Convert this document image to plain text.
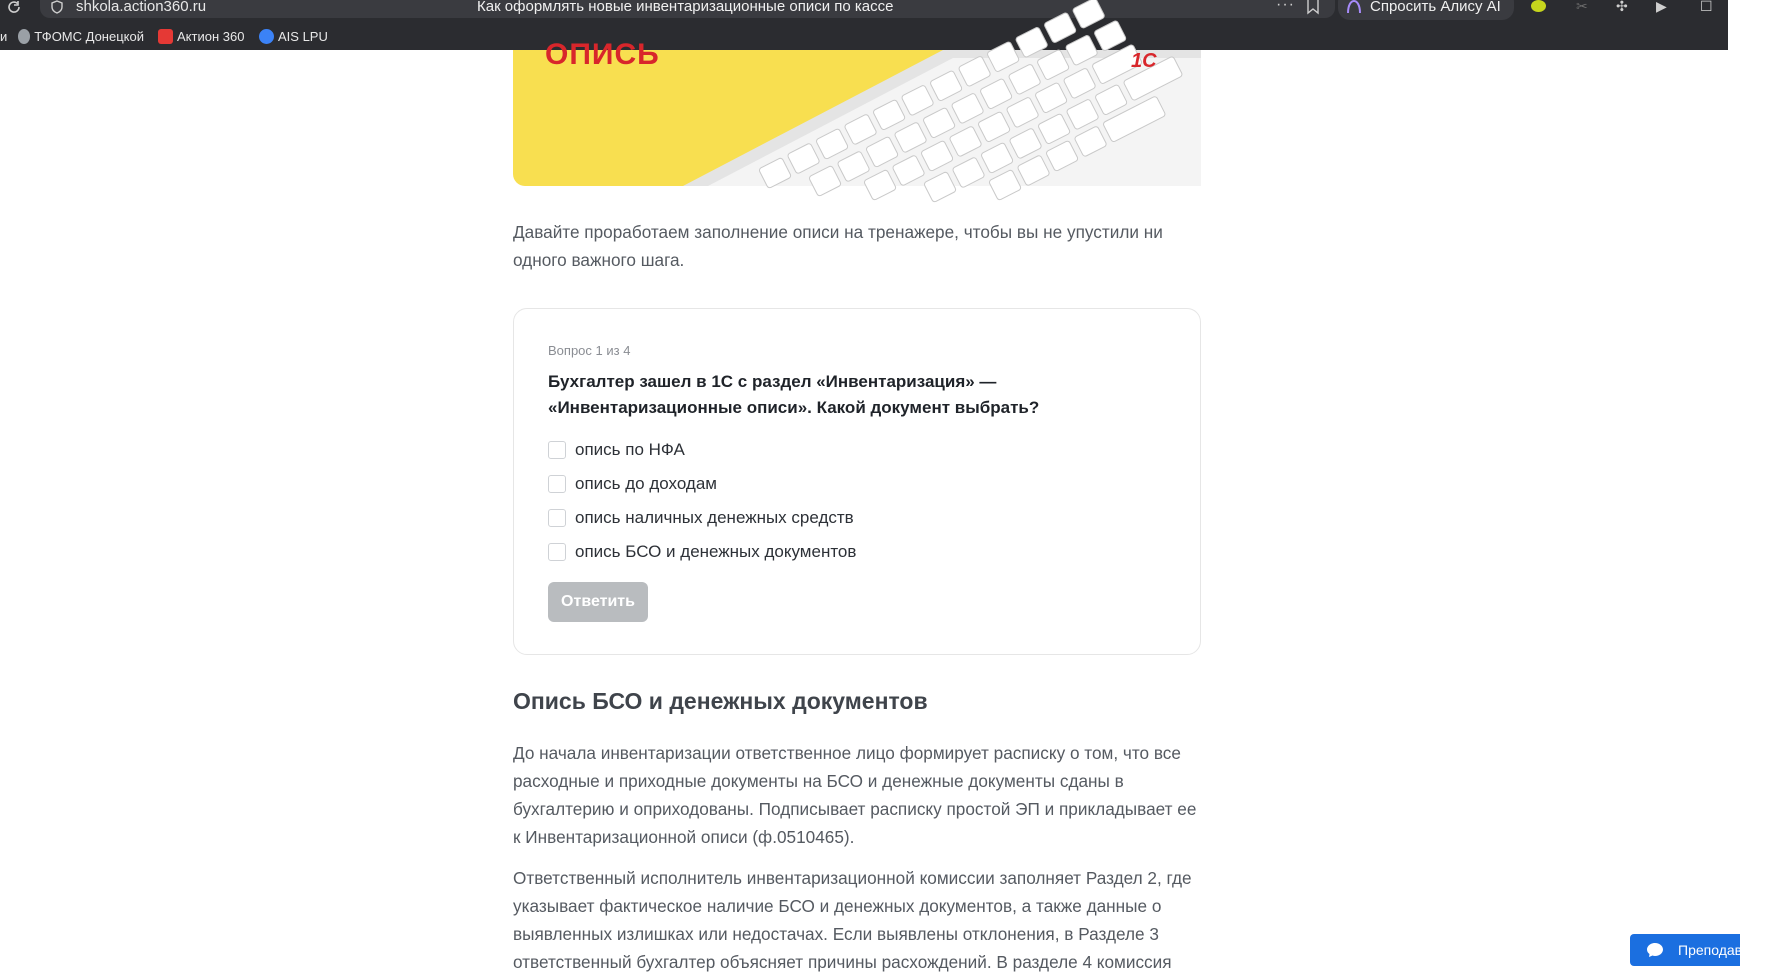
shkola.action360.ru	Как оформлять новые инвентаризационные описи по кассе	···	Спросить Алису AI	✂ ✣ ▶ ☐
и ТФОМС Донецкой	Актион 360	AIS LPU
ОПИСЬ	1С

Давайте проработаем заполнение описи на тренажере, чтобы вы не упустили ни одного важного шага.

Вопрос 1 из 4
Бухгалтер зашел в 1С с раздел «Инвентаризация» — «Инвентаризационные описи». Какой документ выбрать?
опись по НФА
опись до доходам
опись наличных денежных средств
опись БСО и денежных документов
Ответить
Опись БСО и денежных документов

До начала инвентаризации ответственное лицо формирует расписку о том, что все расходные и приходные документы на БСО и денежные документы сданы в бухгалтерию и оприходованы. Подписывает расписку простой ЭП и прикладывает ее к Инвентаризационной описи (ф.0510465).

Ответственный исполнитель инвентаризационной комиссии заполняет Раздел 2, где указывает фактическое наличие БСО и денежных документов, а также данные о выявленных излишках или недостачах. Если выявлены отклонения, в Разделе 3 ответственный бухгалтер объясняет причины расхождений. В разделе 4 комиссия

Преподаватель
